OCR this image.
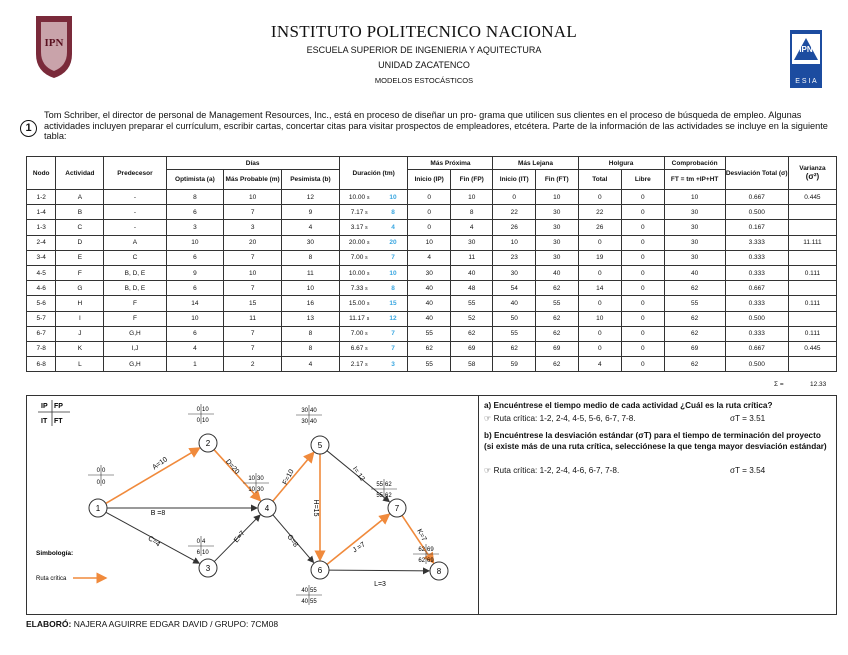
IPN
IPN
E S I A
INSTITUTO POLITECNICO NACIONAL
ESCUELA SUPERIOR DE INGENIERIA Y AQUITECTURA
UNIDAD ZACATENCO
MODELOS ESTOCÁSTICOS
1
Tom Schriber, el director de personal de Management Resources, Inc., está en proceso de diseñar un pro- grama que utilicen sus clientes en el proceso de búsqueda de empleo. Algunas actividades incluyen preparar el currículum, escribir cartas, concertar citas para visitar prospectos de empleadores, etcétera. Parte de la información de las actividades se incluye en la siguiente tabla:
Nodo	Actividad	Predecesor	Días			Duración (tm)		Más Próxima		Más Lejana		Holgura		Comprobación	Desviación Total (σ)	Varianza
(σ²)
			Optimista (a)	Más Probable (m)	Pesimista (b)			Inicio (IP)	Fin (FP)	Inicio (IT)	Fin (FT)	Total	Libre	FT = tm +IP+HT		
1-2	A	-	8	10	12	10.00 s	10	0	10	0	10	0	0	10	0.667	0.445
1-4	B	-	6	7	9	7.17 s	8	0	8	22	30	22	0	30	0.500	
1-3	C	-	3	3	4	3.17 s	4	0	4	26	30	26	0	30	0.167	
2-4	D	A	10	20	30	20.00 s	20	10	30	10	30	0	0	30	3.333	11.111
3-4	E	C	6	7	8	7.00 s	7	4	11	23	30	19	0	30	0.333	
4-5	F	B, D, E	9	10	11	10.00 s	10	30	40	30	40	0	0	40	0.333	0.111
4-6	G	B, D, E	6	7	10	7.33 s	8	40	48	54	62	14	0	62	0.667	
5-6	H	F	14	15	16	15.00 s	15	40	55	40	55	0	0	55	0.333	0.111
5-7	I	F	10	11	13	11.17 s	12	40	52	50	62	10	0	62	0.500	
6-7	J	G,H	6	7	8	7.00 s	7	55	62	55	62	0	0	62	0.333	0.111
7-8	K	I,J	4	7	8	6.67 s	7	62	69	62	69	0	0	69	0.667	0.445
6-8	L	G,H	1	2	4	2.17 s	3	55	58	59	62	4	0	62	0.500	
Σ =	12.33
IP FP
IT FT
A=10
B =8
C=4
D=20
E=7
F=10
G=8
H=15
I= 12
J =7
K=7
L=3
1
0 0
0 0
2
0 10
0 10
3
0 4
6 10
4
10 30
10 30
5
30 40
30 40
6
40 55
40 55
7
55 62
55 62
8
62 69
62 69
Simbología:
Ruta crítica
a) Encuéntrese el tiempo medio de cada actividad ¿Cuál es la ruta crítica?
☞ Ruta crítica: 1-2, 2-4, 4-5, 5-6, 6-7, 7-8.	σT = 3.51
b) Encuéntrese la desviación estándar (σT) para el tiempo de terminación del proyecto (si existe más de una ruta crítica, selecciónese la que tenga mayor desviación estándar)
☞ Ruta crítica: 1-2, 2-4, 4-6, 6-7, 7-8.	σT = 3.54
ELABORÓ: NAJERA AGUIRRE EDGAR DAVID / GRUPO: 7CM08
